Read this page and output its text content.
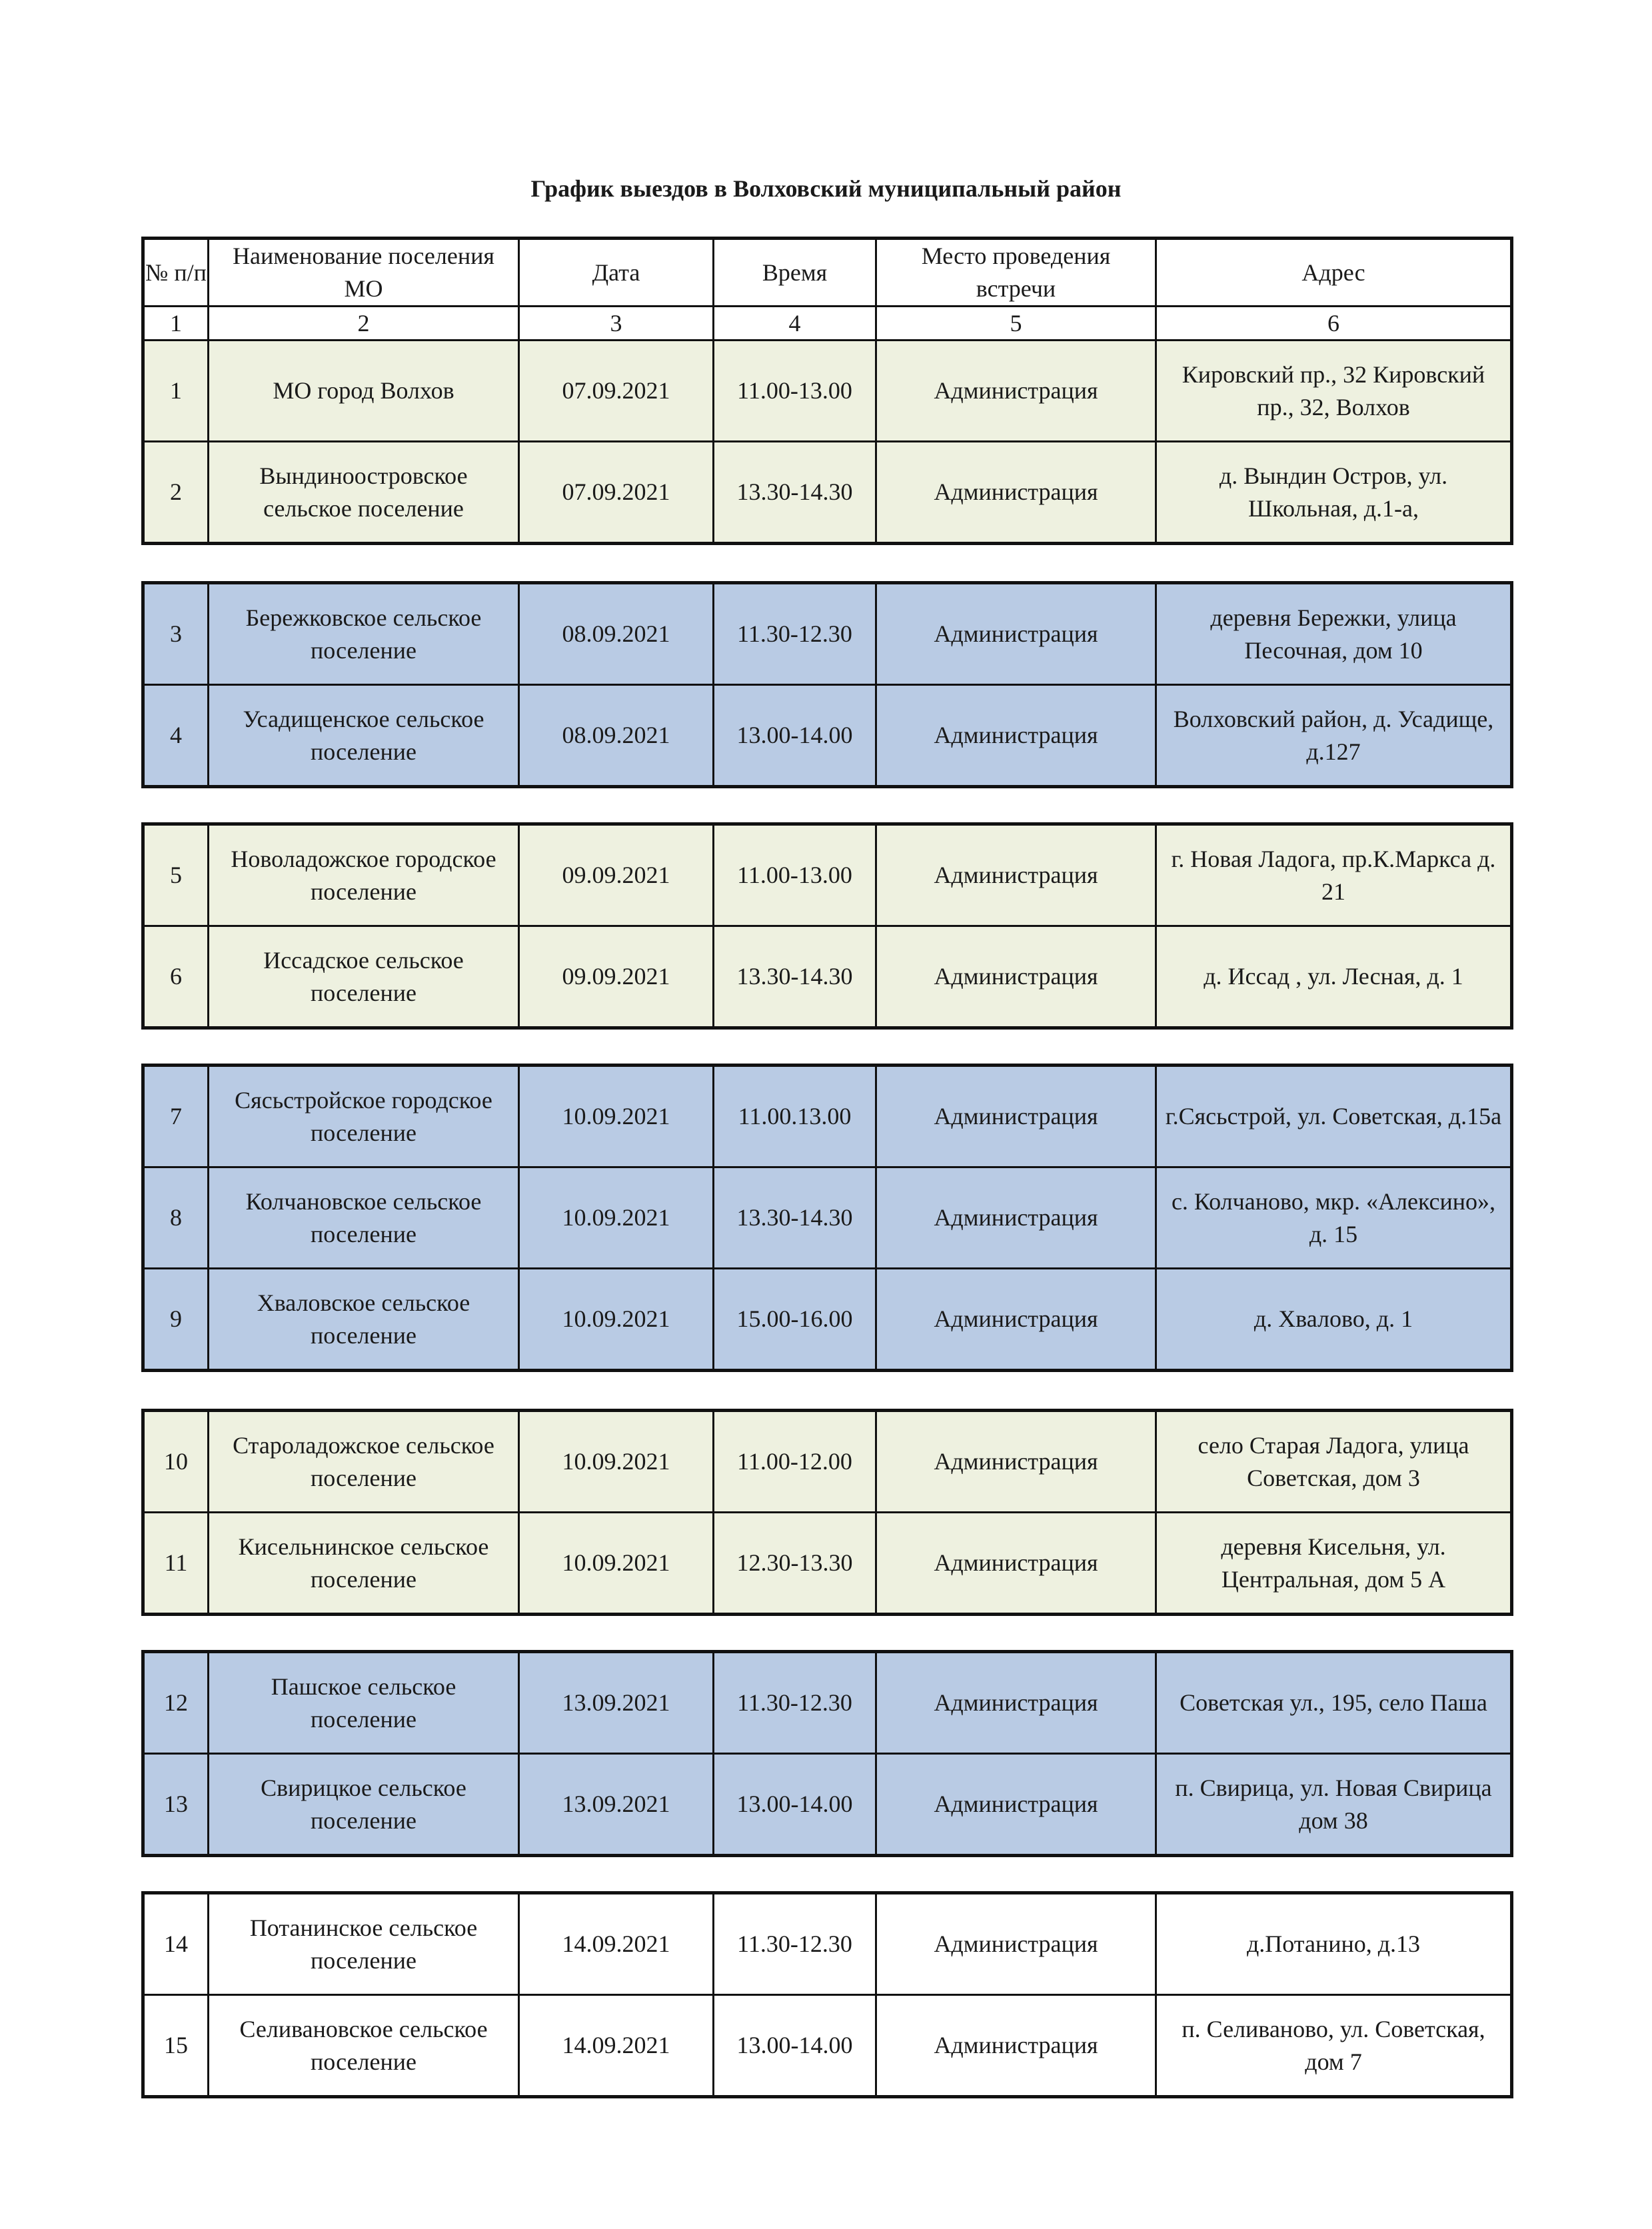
График выездов в Волховский муниципальный район
№ п/п	Наименование поселения МО	Дата	Время	Место проведения встречи	Адрес
1	2	3	4	5	6
1	МО город Волхов	07.09.2021	11.00-13.00	Администрация	Кировский пр., 32 Кировский пр., 32, Волхов
2	Вындиноостровское сельское поселение	07.09.2021	13.30-14.30	Администрация	д. Вындин Остров, ул. Школьная, д.1-а,
3	Бережковское сельское поселение	08.09.2021	11.30-12.30	Администрация	деревня Бережки, улица Песочная, дом 10
4	Усадищенское сельское поселение	08.09.2021	13.00-14.00	Администрация	Волховский район, д. Усадище, д.127
5	Новоладожское городское поселение	09.09.2021	11.00-13.00	Администрация	г. Новая Ладога, пр.К.Маркса д. 21
6	Иссадское сельское поселение	09.09.2021	13.30-14.30	Администрация	д. Иссад , ул. Лесная, д. 1
7	Сясьстройское городское поселение	10.09.2021	11.00.13.00	Администрация	г.Сясьстрой, ул. Советская, д.15а
8	Колчановское сельское поселение	10.09.2021	13.30-14.30	Администрация	с. Колчаново, мкр. «Алексино», д. 15
9	Хваловское сельское поселение	10.09.2021	15.00-16.00	Администрация	д. Хвалово, д. 1
10	Староладожское сельское поселение	10.09.2021	11.00-12.00	Администрация	село Старая Ладога, улица Советская, дом 3
11	Кисельнинское сельское поселение	10.09.2021	12.30-13.30	Администрация	деревня Кисельня, ул. Центральная, дом 5 А
12	Пашское сельское поселение	13.09.2021	11.30-12.30	Администрация	Советская ул., 195, село Паша
13	Свирицкое сельское поселение	13.09.2021	13.00-14.00	Администрация	п. Свирица, ул. Новая Свирица дом 38
14	Потанинское сельское поселение	14.09.2021	11.30-12.30	Администрация	д.Потанино, д.13
15	Селивановское сельское поселение	14.09.2021	13.00-14.00	Администрация	п. Селиваново, ул. Советская, дом 7
